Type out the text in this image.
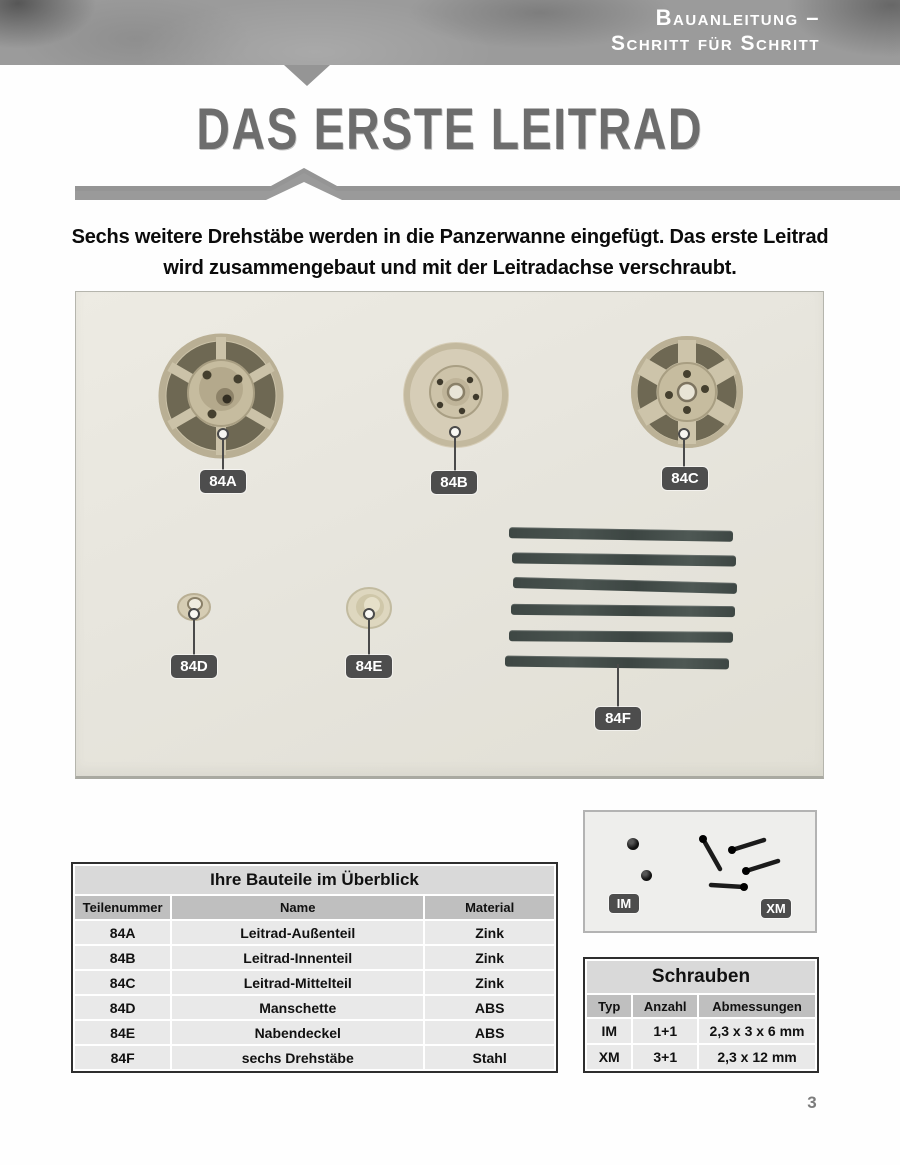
Bauanleitung –
Schritt für Schritt
DAS ERSTE LEITRAD
Sechs weitere Drehstäbe werden in die Panzerwanne eingefügt. Das erste Leitrad
wird zusammengebaut und mit der Leitradachse verschraubt.
84A	84B	84C
84D	84E
84F
Ihre Bauteile im Überblick		
Teilenummer	Name	Material
84A	Leitrad-Außenteil	Zink
84B	Leitrad-Innenteil	Zink
84C	Leitrad-Mittelteil	Zink
84D	Manschette	ABS
84E	Nabendeckel	ABS
84F	sechs Drehstäbe	Stahl
IM	XM
Schrauben		
Typ	Anzahl	Abmessungen
IM	1+1	2,3 x 3 x 6 mm
XM	3+1	2,3 x 12 mm
3
